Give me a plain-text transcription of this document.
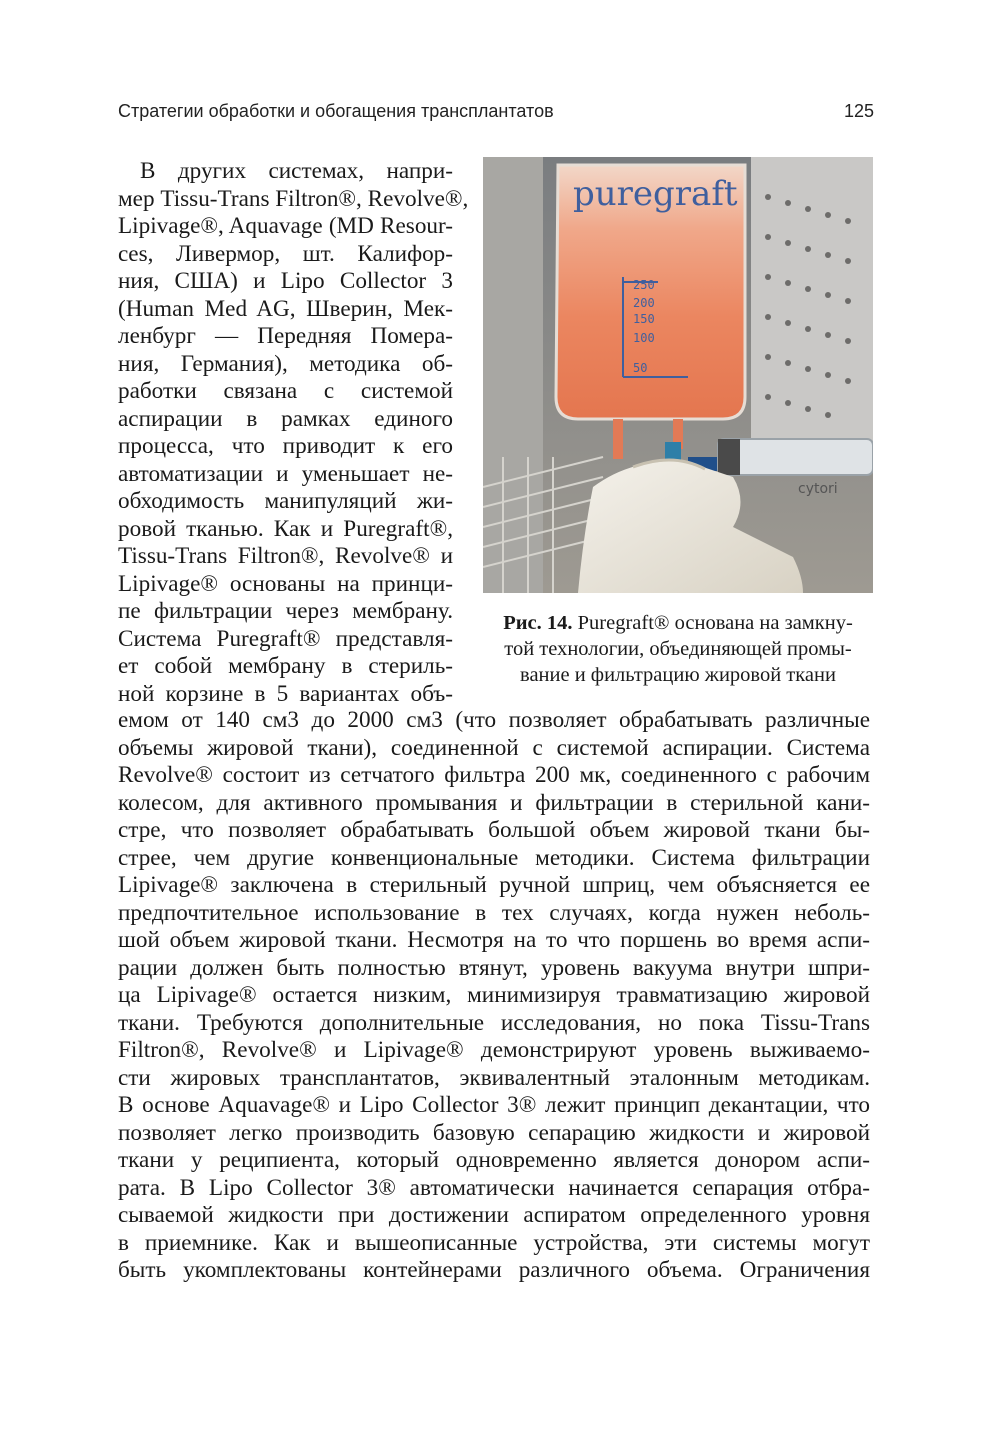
Стратегии обработки и обогащения трансплантатов	125
В других системах, напри-
мер Tissu-Trans Filtron®, Revolve®,
Lipivage®, Aquavage (MD Resour-
ces, Ливермор, шт. Калифор-
ния, США) и Lipo Collector 3
(Human Med AG, Шверин, Мек-
ленбург — Передняя Помера-
ния, Германия), методика об-
работки связана с системой
аспирации в рамках единого
процесса, что приводит к его
автоматизации и уменьшает не-
обходимость манипуляций жи-
ровой тканью. Как и Puregraft®,
Tissu-Trans Filtron®, Revolve® и
Lipivage® основаны на принци-
пе фильтрации через мембрану.
Система Puregraft® представля-
ет собой мембрану в стериль-
ной корзине в 5 вариантах объ-
емом от 140 см3 до 2000 см3 (что позволяет обрабатывать различные
объемы жировой ткани), соединенной с системой аспирации. Система
Revolve® состоит из сетчатого фильтра 200 мк, соединенного с рабочим
колесом, для активного промывания и фильтрации в стерильной кани-
стре, что позволяет обрабатывать большой объем жировой ткани бы-
стрее, чем другие конвенциональные методики. Система фильтрации
Lipivage® заключена в стерильный ручной шприц, чем объясняется ее
предпочтительное использование в тех случаях, когда нужен неболь-
шой объем жировой ткани. Несмотря на то что поршень во время аспи-
рации должен быть полностью втянут, уровень вакуума внутри шпри-
ца Lipivage® остается низким, минимизируя травматизацию жировой
ткани. Требуются дополнительные исследования, но пока Tissu-Trans
Filtron®, Revolve® и Lipivage® демонстрируют уровень выживаемо-
сти жировых трансплантатов, эквивалентный эталонным методикам.
В основе Aquavage® и Lipo Collector 3® лежит принцип декантации, что
позволяет легко производить базовую сепарацию жидкости и жировой
ткани у реципиента, который одновременно является донором аспи-
рата. В Lipo Collector 3® автоматически начинается сепарация отбра-
сываемой жидкости при достижении аспиратом определенного уровня
в приемнике. Как и вышеописанные устройства, эти системы могут
быть укомплектованы контейнерами различного объема. Ограничения
puregraft
250
200
150
100
50
cytori
Рис. 14. Puregraft® основана на замкну-
той технологии, объединяющей промы-
вание и фильтрацию жировой ткани
